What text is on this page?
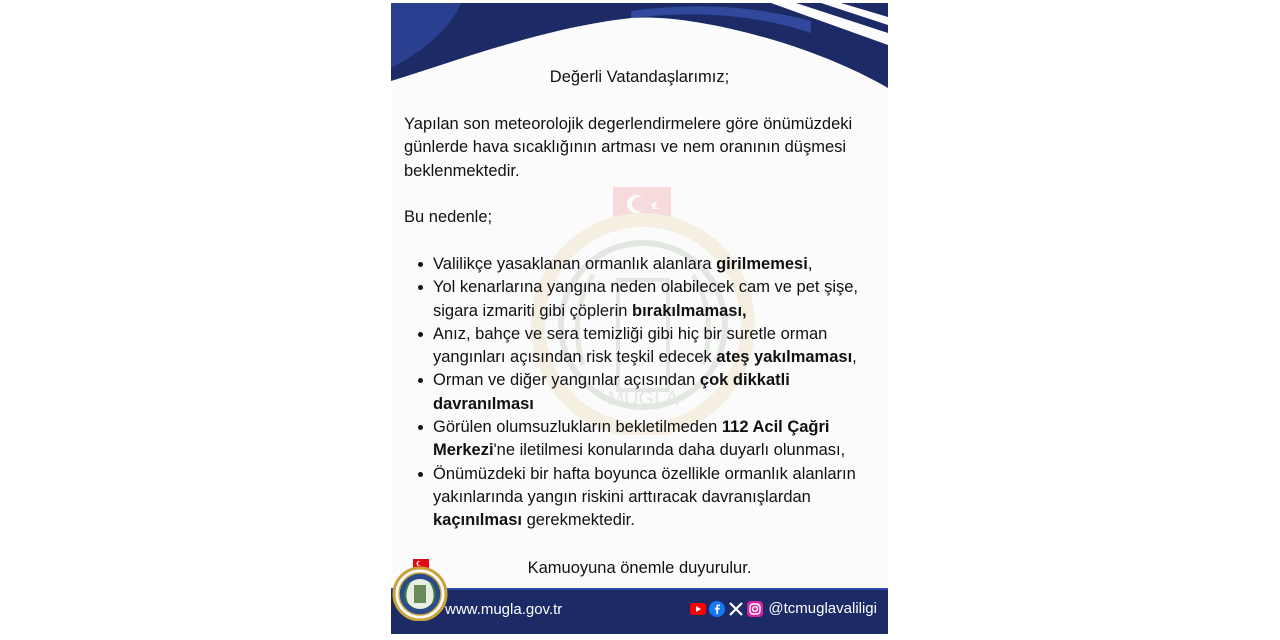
MUĞLA
Değerli Vatandaşlarımız;
Yapılan son meteorolojik degerlendirmelere göre önümüzdeki günlerde hava sıcaklığının artması ve nem oranının düşmesi beklenmektedir.
Bu nedenle;
Valilikçe yasaklanan ormanlık alanlara girilmemesi,
Yol kenarlarına yangına neden olabilecek cam ve pet şişe, sigara izmariti gibi çöplerin bırakılmaması,
Anız, bahçe ve sera temizliği gibi hiç bir suretle orman yangınları açısından risk teşkil edecek ateş yakılmaması,
Orman ve diğer yangınlar açısından çok dikkatli davranılması
Görülen olumsuzlukların bekletilmeden 112 Acil Çağri Merkezi'ne iletilmesi konularında daha duyarlı olunması,
Önümüzdeki bir hafta boyunca özellikle ormanlık alanların yakınlarında yangın riskini arttıracak davranışlardan kaçınılması gerekmektedir.
Kamuoyuna önemle duyurulur.
www.mugla.gov.tr	@tcmuglavaliligi
